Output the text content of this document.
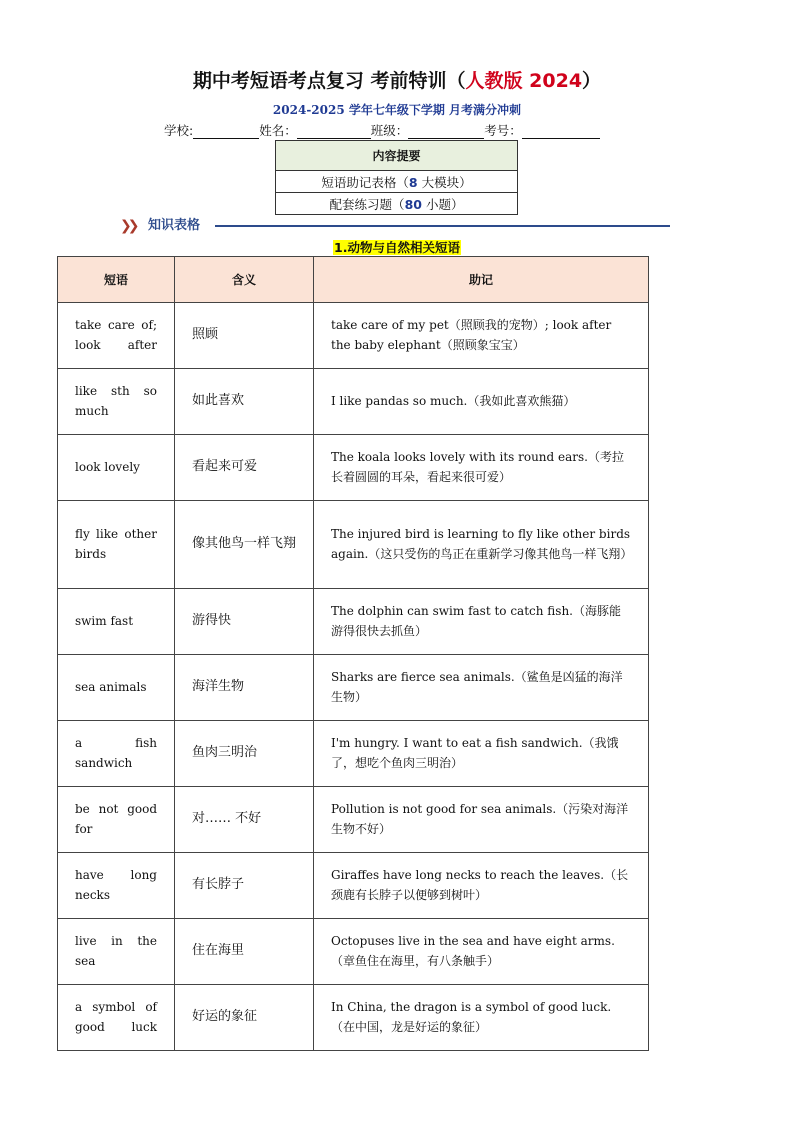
期中考短语考点复习 考前特训（人教版 2024）
2024-2025 学年七年级下学期 月考满分冲刺
学校:	姓名：	班级：	考号：
内容提要
短语助记表格（8 大模块）
配套练习题（80 小题）
❯❯ 知识表格
1.动物与自然相关短语
短语	含义	助记
take care of; look after	照顾	take care of my pet（照顾我的宠物）; look after the baby elephant（照顾象宝宝）
like sth so much	如此喜欢	I like pandas so much.（我如此喜欢熊猫）
look lovely	看起来可爱	The koala looks lovely with its round ears.（考拉长着圆圆的耳朵，看起来很可爱）
fly like other birds	像其他鸟一样飞翔	The injured bird is learning to fly like other birds again.（这只受伤的鸟正在重新学习像其他鸟一样飞翔）
swim fast	游得快	The dolphin can swim fast to catch fish.（海豚能游得很快去抓鱼）
sea animals	海洋生物	Sharks are fierce sea animals.（鲨鱼是凶猛的海洋生物）
a fish sandwich	鱼肉三明治	I'm hungry. I want to eat a fish sandwich.（我饿了，想吃个鱼肉三明治）
be not good for	对…… 不好	Pollution is not good for sea animals.（污染对海洋生物不好）
have long necks	有长脖子	Giraffes have long necks to reach the leaves.（长颈鹿有长脖子以便够到树叶）
live in the sea	住在海里	Octopuses live in the sea and have eight arms.（章鱼住在海里，有八条触手）
a symbol of good luck	好运的象征	In China, the dragon is a symbol of good luck.（在中国，龙是好运的象征）
